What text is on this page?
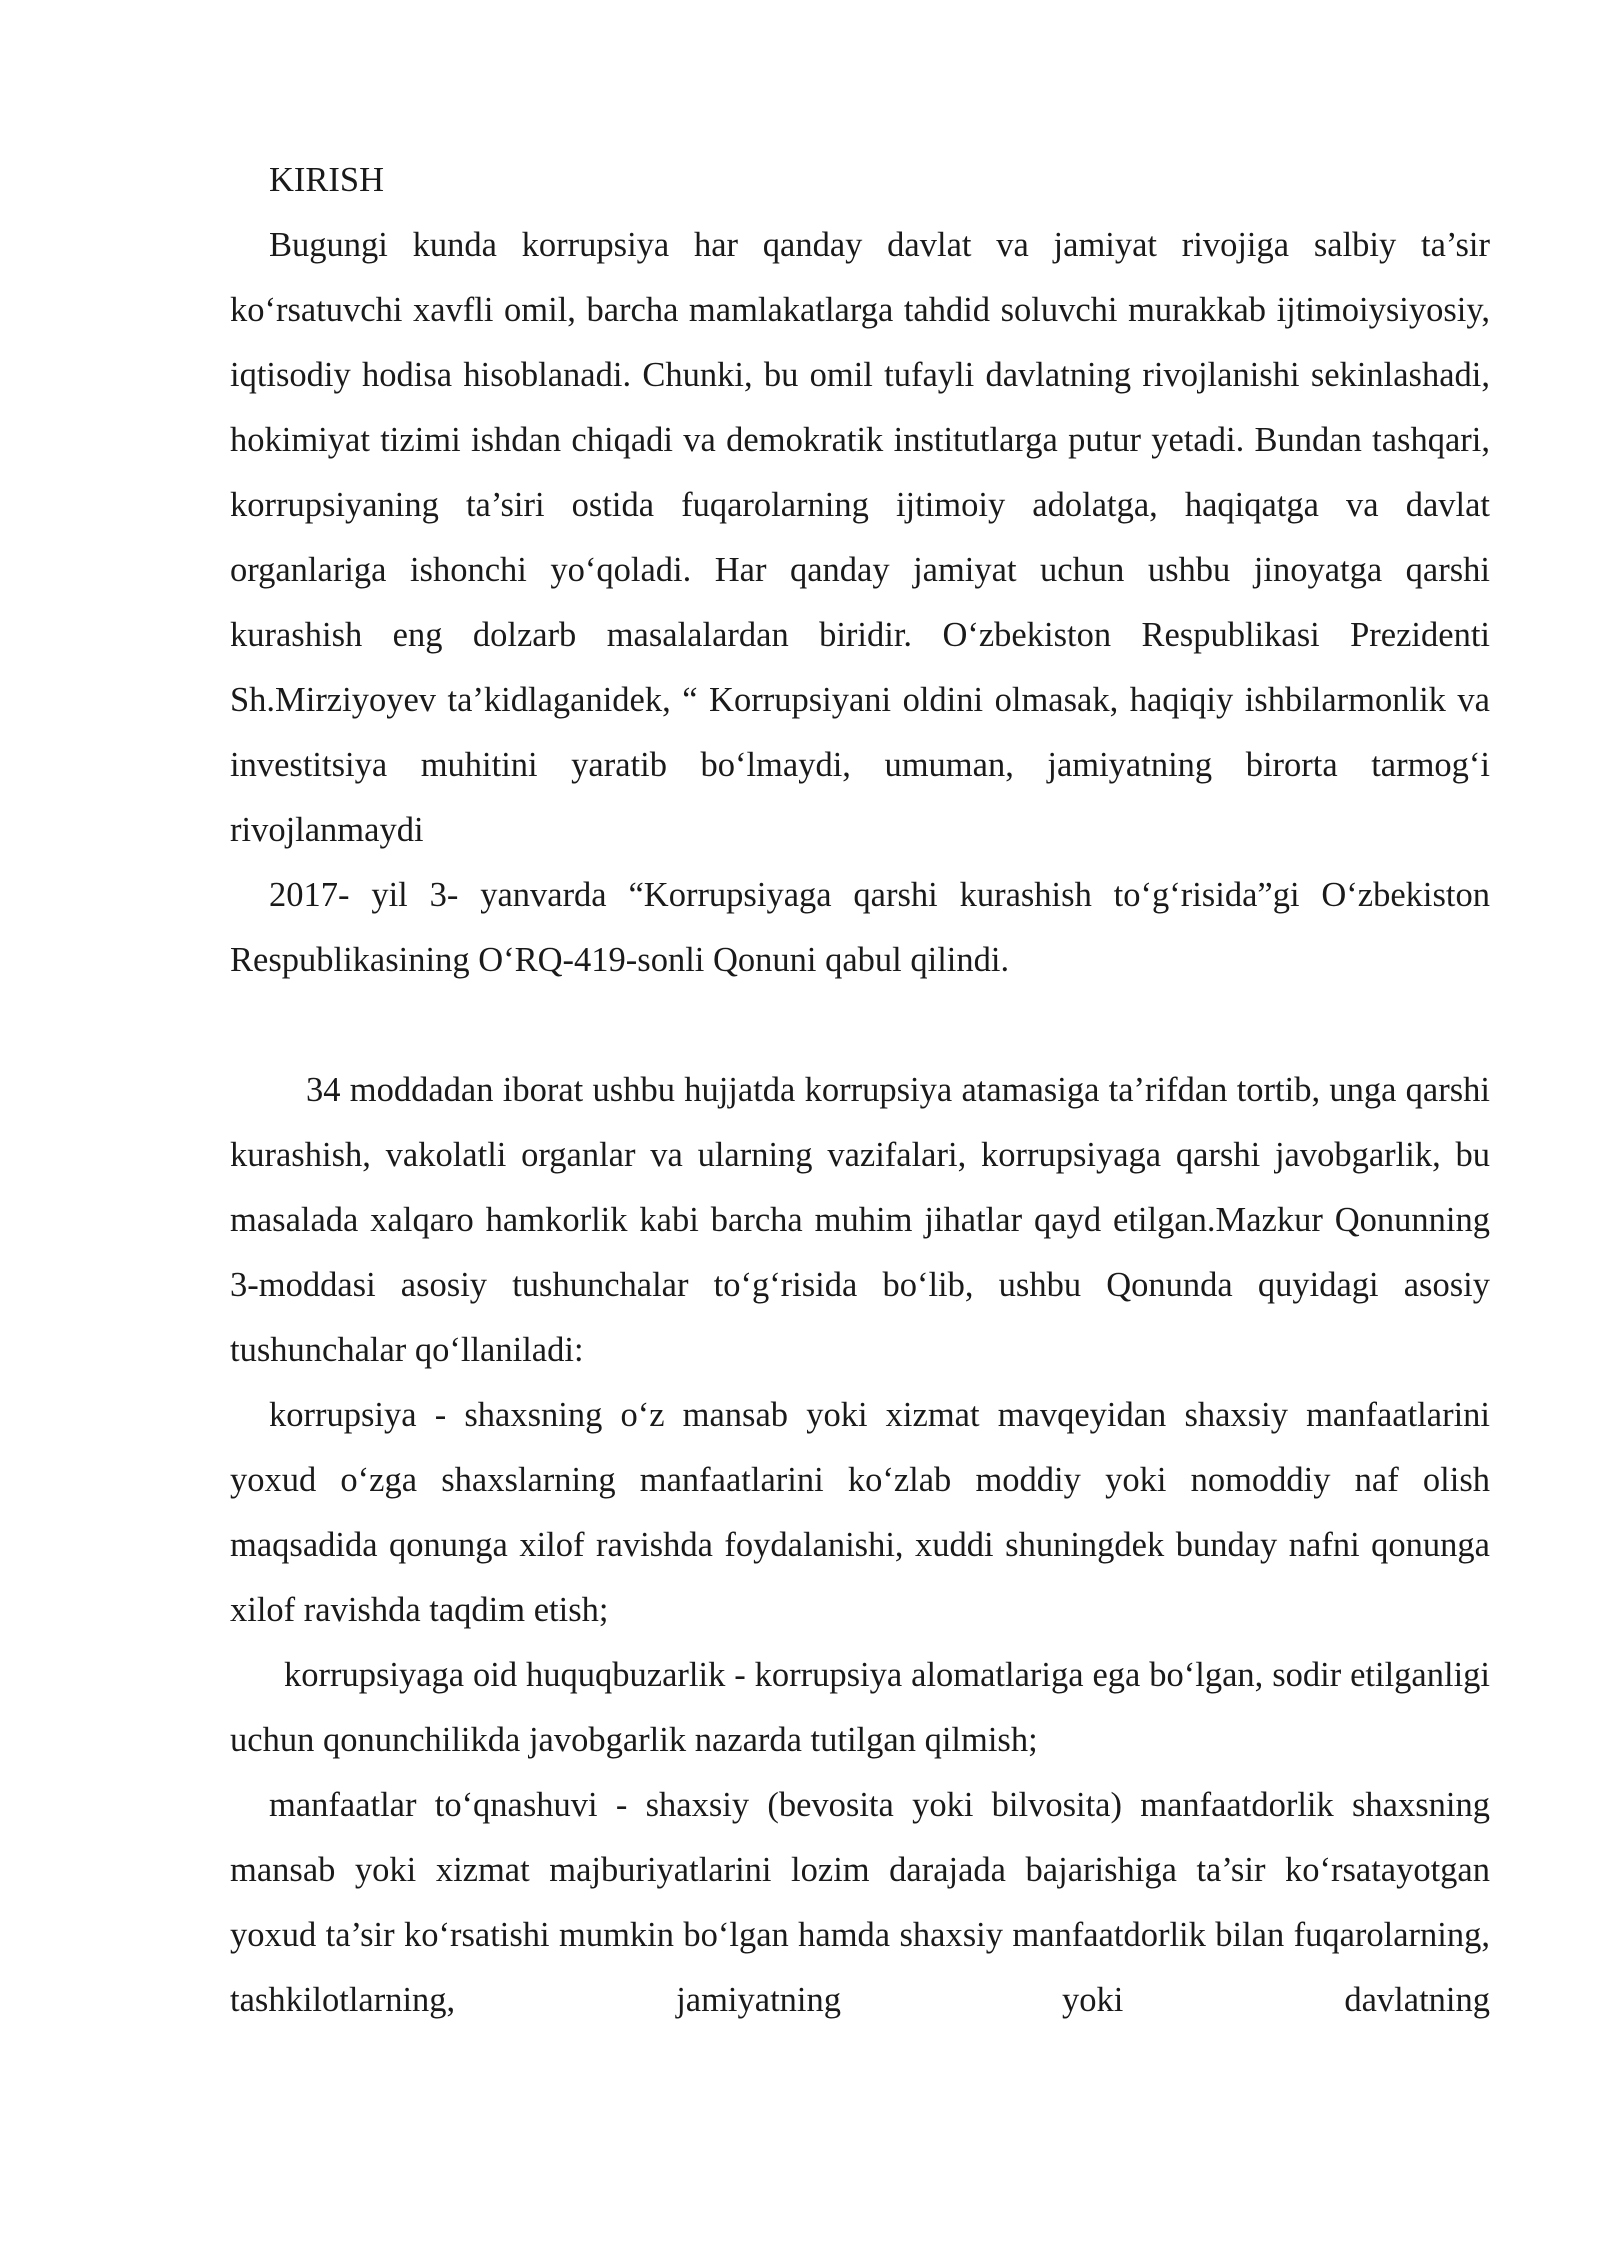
KIRISH

Bugungi kunda korrupsiya har qanday davlat va jamiyat rivojiga salbiy ta’sir ko‘rsatuvchi xavfli omil, barcha mamlakatlarga tahdid soluvchi murakkab ijtimoiysiyosiy, iqtisodiy hodisa hisoblanadi. Chunki, bu omil tufayli davlatning rivojlanishi sekinlashadi, hokimiyat tizimi ishdan chiqadi va demokratik institutlarga putur yetadi. Bundan tashqari, korrupsiyaning ta’siri ostida fuqarolarning ijtimoiy adolatga, haqiqatga va davlat organlariga ishonchi yo‘qoladi. Har qanday jamiyat uchun ushbu jinoyatga qarshi kurashish eng dolzarb masalalardan biridir. O‘zbekiston Respublikasi Prezidenti Sh.Mirziyoyev ta’kidlaganidek, “ Korrupsiyani oldini olmasak, haqiqiy ishbilarmonlik va investitsiya muhitini yaratib bo‘lmaydi, umuman, jamiyatning birorta tarmog‘i rivojlanmaydi

2017- yil 3- yanvarda “Korrupsiyaga qarshi kurashish to‘g‘risida”gi O‘zbekiston Respublikasining O‘RQ-419-sonli Qonuni qabul qilindi.

34 moddadan iborat ushbu hujjatda korrupsiya atamasiga ta’rifdan tortib, unga qarshi kurashish, vakolatli organlar va ularning vazifalari, korrupsiyaga qarshi javobgarlik, bu masalada xalqaro hamkorlik kabi barcha muhim jihatlar qayd etilgan.Mazkur Qonunning 3-moddasi asosiy tushunchalar to‘g‘risida bo‘lib, ushbu Qonunda quyidagi asosiy tushunchalar qo‘llaniladi:

korrupsiya - shaxsning o‘z mansab yoki xizmat mavqeyidan shaxsiy manfaatlarini yoxud o‘zga shaxslarning manfaatlarini ko‘zlab moddiy yoki nomoddiy naf olish maqsadida qonunga xilof ravishda foydalanishi, xuddi shuningdek bunday nafni qonunga xilof ravishda taqdim etish;

korrupsiyaga oid huquqbuzarlik - korrupsiya alomatlariga ega bo‘lgan, sodir etilganligi uchun qonunchilikda javobgarlik nazarda tutilgan qilmish;

manfaatlar to‘qnashuvi - shaxsiy (bevosita yoki bilvosita) manfaatdorlik shaxsning mansab yoki xizmat majburiyatlarini lozim darajada bajarishiga ta’sir ko‘rsatayotgan yoxud ta’sir ko‘rsatishi mumkin bo‘lgan hamda shaxsiy manfaatdorlik bilan fuqarolarning, tashkilotlarning, jamiyatning yoki davlatning
